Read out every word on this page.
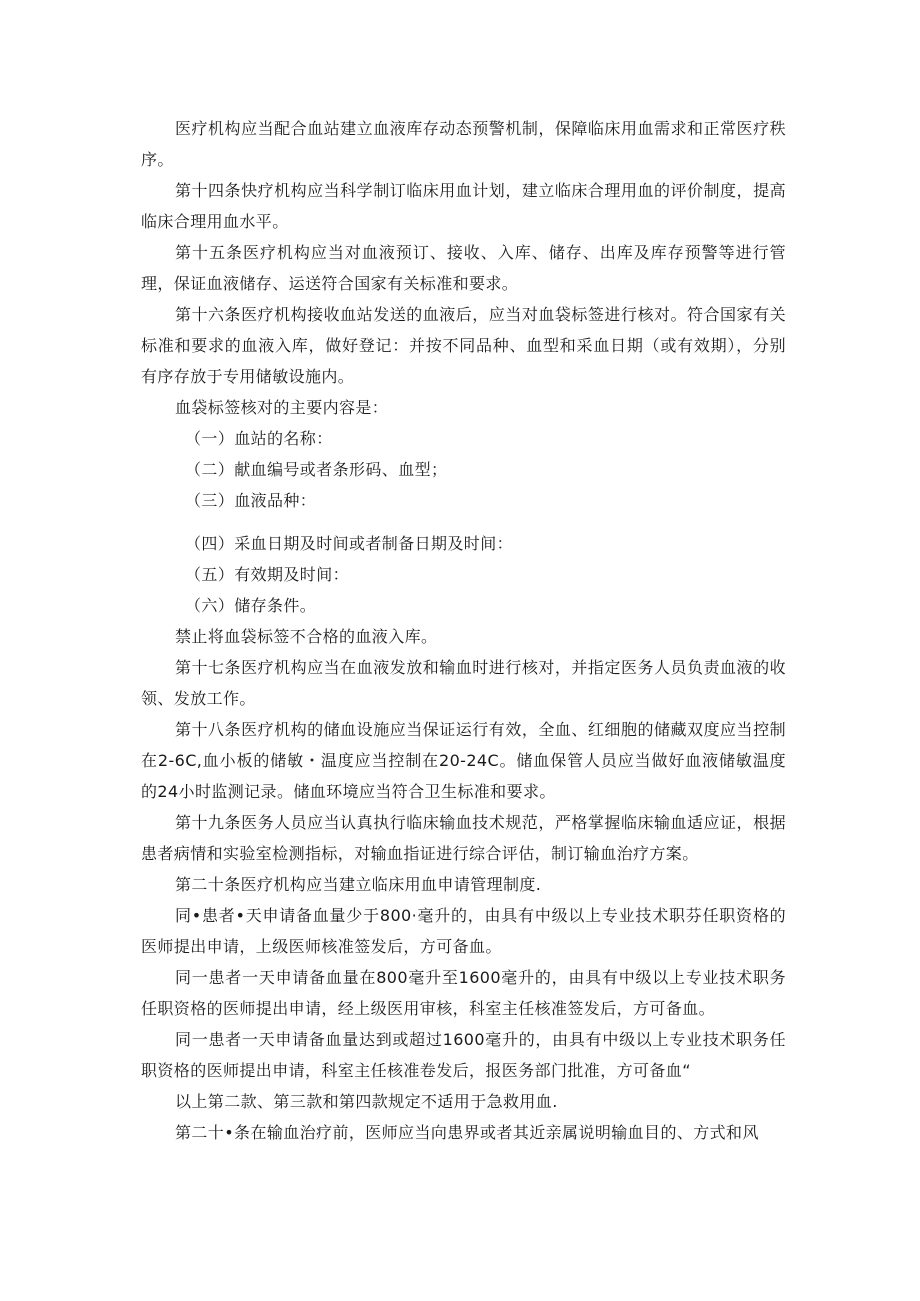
医疗机构应当配合血站建立血液库存动态预警机制，保障临床用血需求和正常医疗秩序。

第十四条快疗机构应当科学制订临床用血计划，建立临床合理用血的评价制度，提高临床合理用血水平。

第十五条医疗机构应当对血液预订、接收、入库、储存、出库及库存预警等进行管理，保证血液储存、运送符合国家有关标准和要求。

第十六条医疗机构接收血站发送的血液后，应当对血袋标签进行核对。符合国家有关标准和要求的血液入库，做好登记：并按不同品种、血型和采血日期（或有效期），分别有序存放于专用储敏设施内。

血袋标签核对的主要内容是：

（一）血站的名称：

（二）献血编号或者条形码、血型；

（三）血液品种：

（四）采血日期及时间或者制备日期及时间：

（五）有效期及时间：

（六）储存条件。

禁止将血袋标签不合格的血液入库。

第十七条医疗机构应当在血液发放和输血时进行核对，并指定医务人员负责血液的收领、发放工作。

第十八条医疗机构的储血设施应当保证运行有效，全血、红细胞的储藏双度应当控制在2-6C,血小板的储敏・温度应当控制在20-24C。储血保管人员应当做好血液储敏温度的24小时监测记录。储血环境应当符合卫生标准和要求。

第十九条医务人员应当认真执行临床输血技术规范，严格掌握临床输血适应证，根据患者病情和实验室检测指标，对输血指证进行综合评估，制订输血治疗方案。

第二十条医疗机构应当建立临床用血申请管理制度.

同•患者•天申请备血量少于800·毫升的，由具有中级以上专业技术职芬任职资格的医师提出申请，上级医师核准签发后，方可备血。

同一患者一天申请备血量在800毫升至1600毫升的，由具有中级以上专业技术职务任职资格的医师提出申请，经上级医用审核，科室主任核准签发后，方可备血。

同一患者一天申请备血量达到或超过1600毫升的，由具有中级以上专业技术职务任职资格的医师提出申请，科室主任核准卷发后，报医务部门批准，方可备血“

以上第二款、第三款和第四款规定不适用于急救用血.

第二十•条在输血治疗前，医师应当向患界或者其近亲属说明输血目的、方式和风
